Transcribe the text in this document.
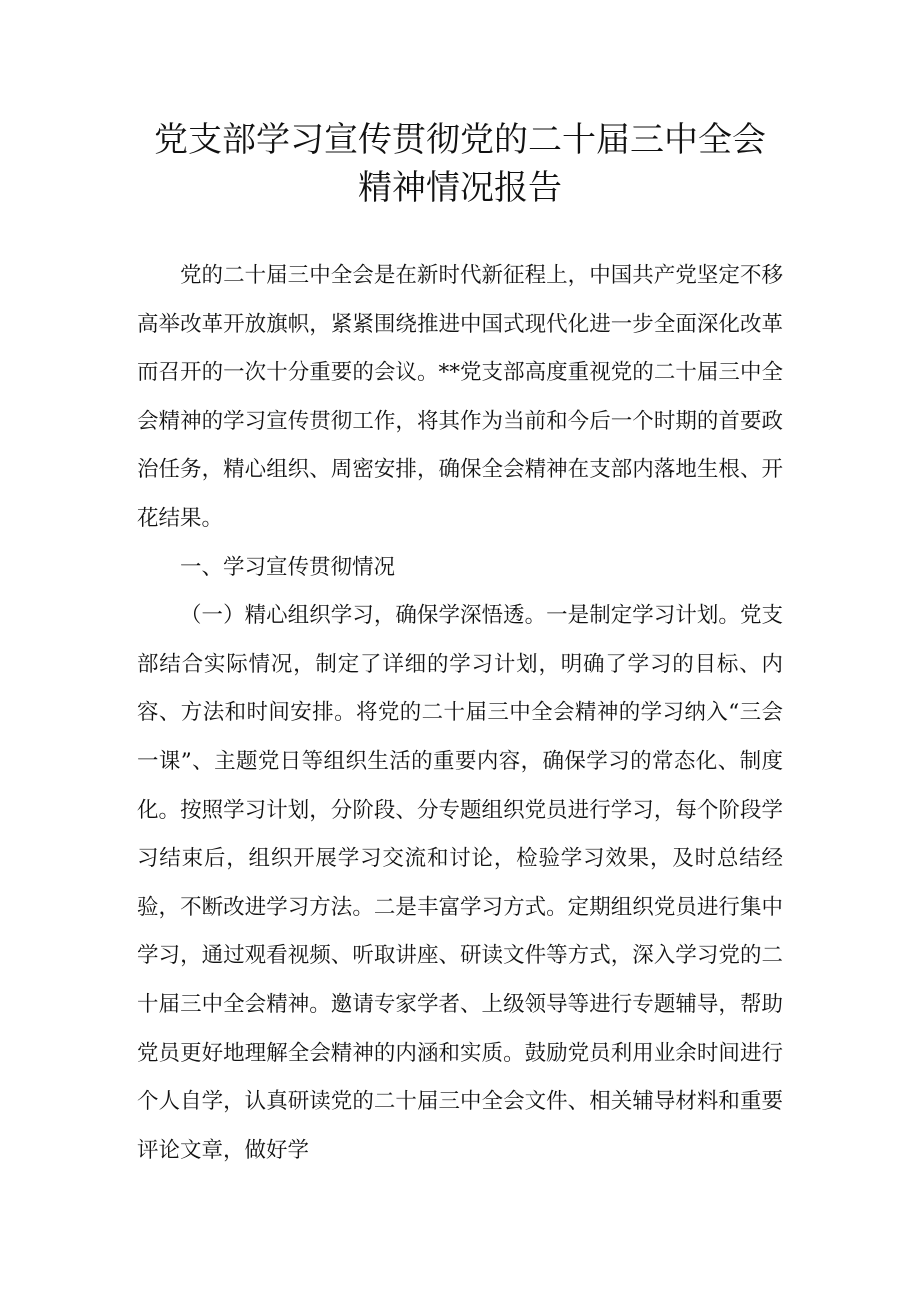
党支部学习宣传贯彻党的二十届三中全会
精神情况报告

党的二十届三中全会是在新时代新征程上，中国共产党坚定不移高举改革开放旗帜，紧紧围绕推进中国式现代化进一步全面深化改革而召开的一次十分重要的会议。**党支部高度重视党的二十届三中全会精神的学习宣传贯彻工作，将其作为当前和今后一个时期的首要政治任务，精心组织、周密安排，确保全会精神在支部内落地生根、开花结果。

一、学习宣传贯彻情况

（一）精心组织学习，确保学深悟透。一是制定学习计划。党支部结合实际情况，制定了详细的学习计划，明确了学习的目标、内容、方法和时间安排。将党的二十届三中全会精神的学习纳入“三会一课”、主题党日等组织生活的重要内容，确保学习的常态化、制度化。按照学习计划，分阶段、分专题组织党员进行学习，每个阶段学习结束后，组织开展学习交流和讨论，检验学习效果，及时总结经验，不断改进学习方法。二是丰富学习方式。定期组织党员进行集中学习，通过观看视频、听取讲座、研读文件等方式，深入学习党的二十届三中全会精神。邀请专家学者、上级领导等进行专题辅导，帮助党员更好地理解全会精神的内涵和实质。鼓励党员利用业余时间进行个人自学，认真研读党的二十届三中全会文件、相关辅导材料和重要评论文章，做好学
